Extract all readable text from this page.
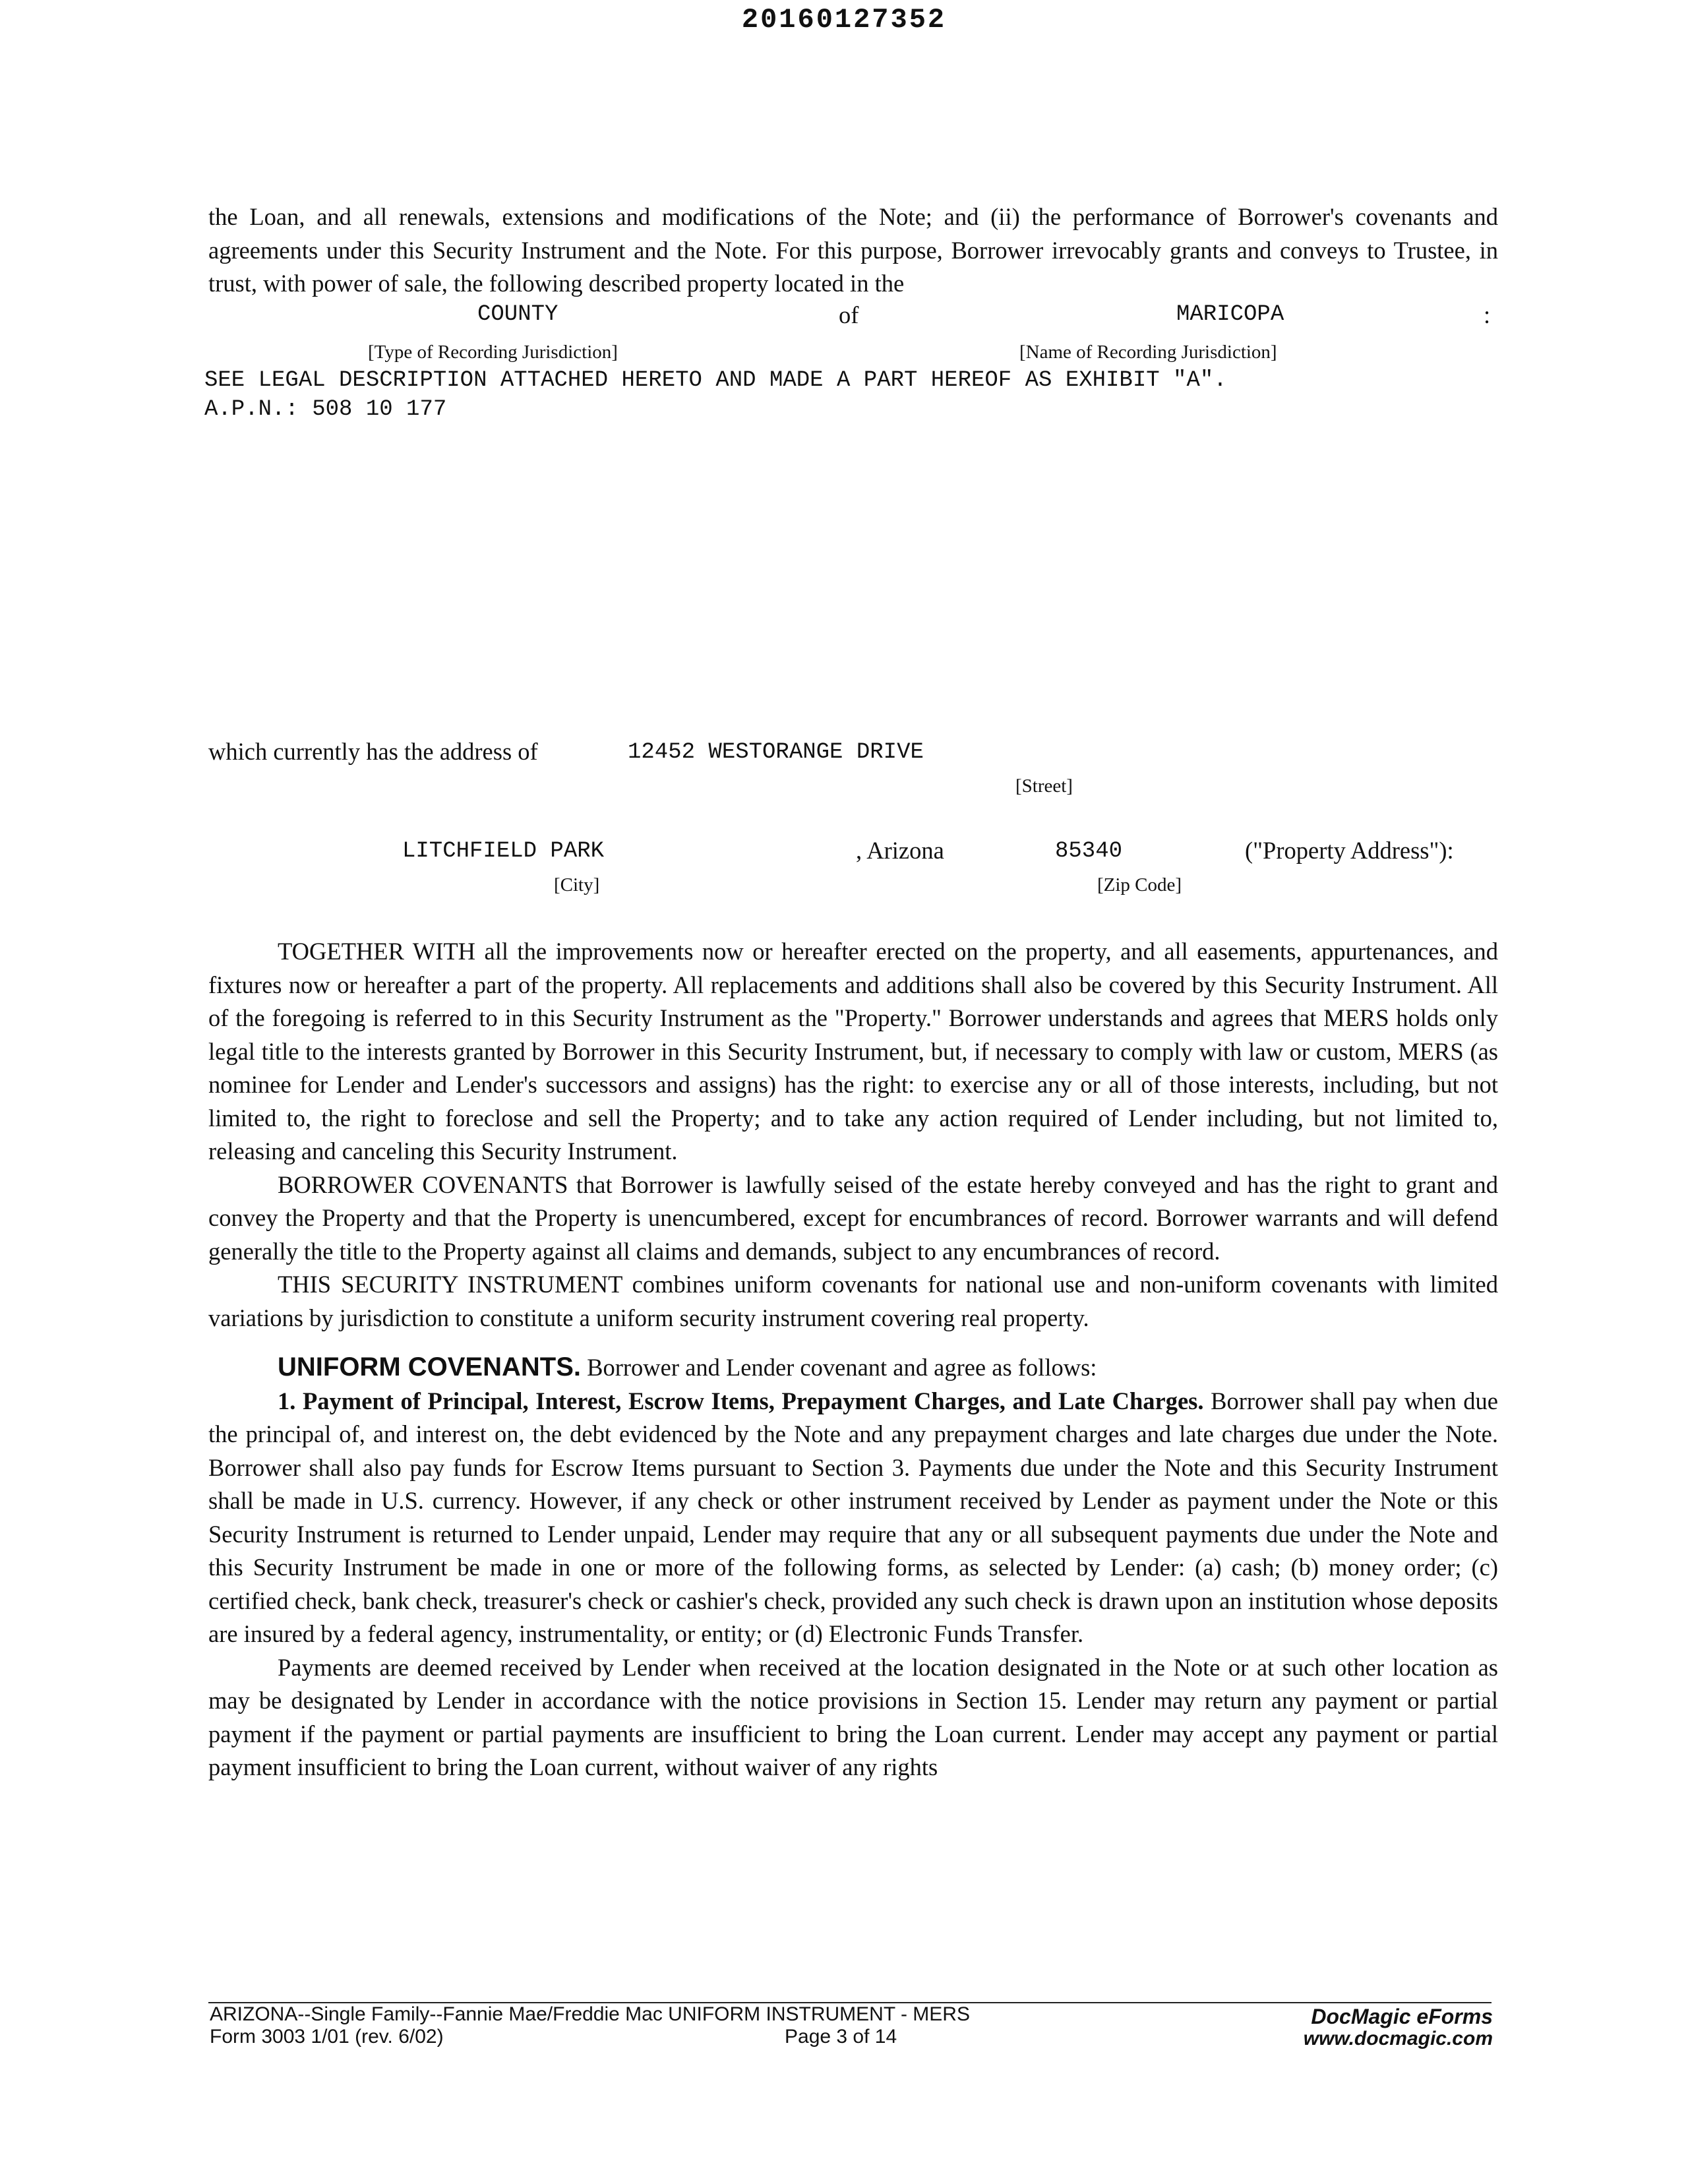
20160127352

the Loan, and all renewals, extensions and modifications of the Note; and (ii) the performance of Borrower's covenants and agreements under this Security Instrument and the Note. For this purpose, Borrower irrevocably grants and conveys to Trustee, in trust, with power of sale, the following described property located in the

COUNTY	of	MARICOPA	:
[Type of Recording Jurisdiction]	[Name of Recording Jurisdiction]
SEE LEGAL DESCRIPTION ATTACHED HERETO AND MADE A PART HEREOF AS EXHIBIT "A".
A.P.N.: 508 10 177
which currently has the address of	12452 WESTORANGE DRIVE
[Street]
LITCHFIELD PARK	, Arizona	85340	("Property Address"):
[City]	[Zip Code]

TOGETHER WITH all the improvements now or hereafter erected on the property, and all easements, appurtenances, and fixtures now or hereafter a part of the property. All replacements and additions shall also be covered by this Security Instrument. All of the foregoing is referred to in this Security Instrument as the "Property." Borrower understands and agrees that MERS holds only legal title to the interests granted by Borrower in this Security Instrument, but, if necessary to comply with law or custom, MERS (as nominee for Lender and Lender's successors and assigns) has the right: to exercise any or all of those interests, including, but not limited to, the right to foreclose and sell the Property; and to take any action required of Lender including, but not limited to, releasing and canceling this Security Instrument.

BORROWER COVENANTS that Borrower is lawfully seised of the estate hereby conveyed and has the right to grant and convey the Property and that the Property is unencumbered, except for encumbrances of record. Borrower warrants and will defend generally the title to the Property against all claims and demands, subject to any encumbrances of record.

THIS SECURITY INSTRUMENT combines uniform covenants for national use and non-uniform covenants with limited variations by jurisdiction to constitute a uniform security instrument covering real property.

UNIFORM COVENANTS. Borrower and Lender covenant and agree as follows:

1. Payment of Principal, Interest, Escrow Items, Prepayment Charges, and Late Charges. Borrower shall pay when due the principal of, and interest on, the debt evidenced by the Note and any prepayment charges and late charges due under the Note. Borrower shall also pay funds for Escrow Items pursuant to Section 3. Payments due under the Note and this Security Instrument shall be made in U.S. currency. However, if any check or other instrument received by Lender as payment under the Note or this Security Instrument is returned to Lender unpaid, Lender may require that any or all subsequent payments due under the Note and this Security Instrument be made in one or more of the following forms, as selected by Lender: (a) cash; (b) money order; (c) certified check, bank check, treasurer's check or cashier's check, provided any such check is drawn upon an institution whose deposits are insured by a federal agency, instrumentality, or entity; or (d) Electronic Funds Transfer.

Payments are deemed received by Lender when received at the location designated in the Note or at such other location as may be designated by Lender in accordance with the notice provisions in Section 15. Lender may return any payment or partial payment if the payment or partial payments are insufficient to bring the Loan current. Lender may accept any payment or partial payment insufficient to bring the Loan current, without waiver of any rights

ARIZONA--Single Family--Fannie Mae/Freddie Mac UNIFORM INSTRUMENT - MERS
Form 3003 1/01 (rev. 6/02)	Page 3 of 14
DocMagic eForms
www.docmagic.com
